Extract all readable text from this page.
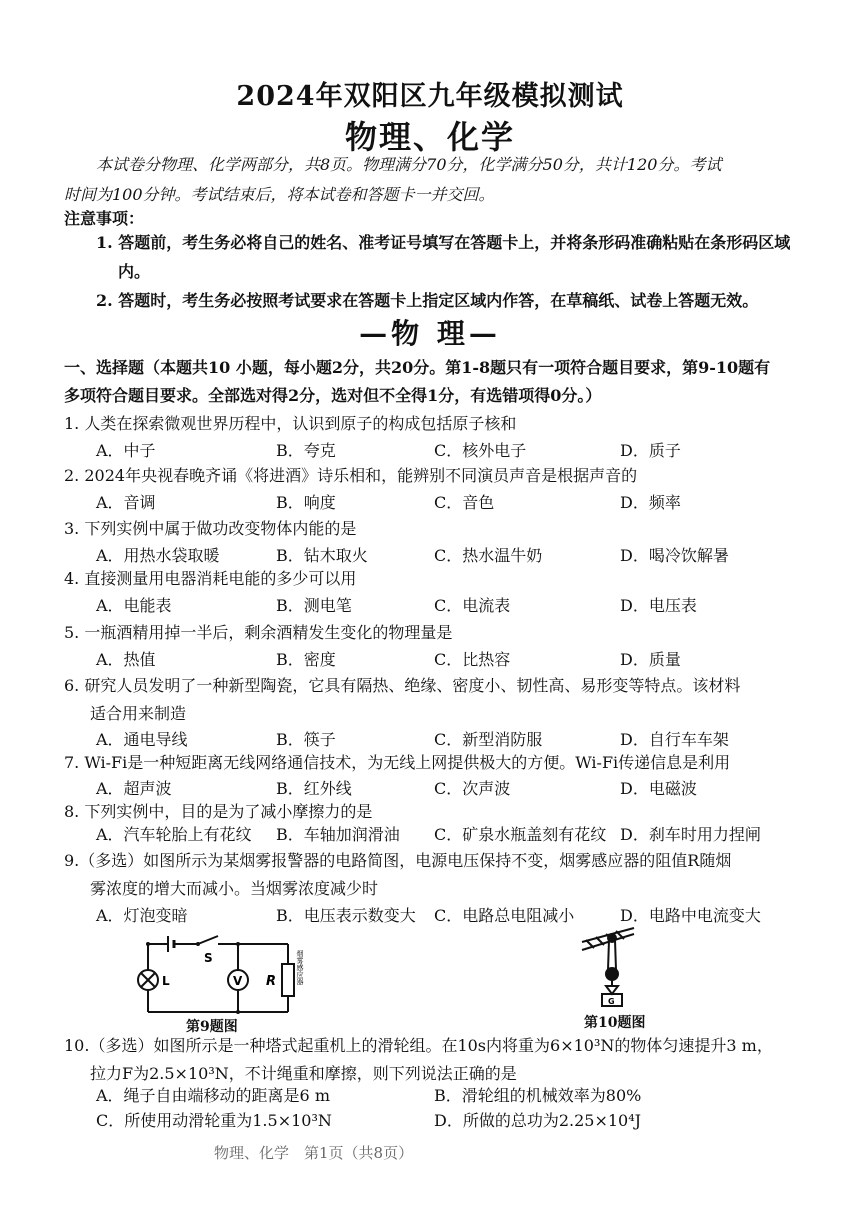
2024年双阳区九年级模拟测试
物理、化学
本试卷分物理、化学两部分，共8页。物理满分70分，化学满分50分，共计120分。考试
时间为100分钟。考试结束后，将本试卷和答题卡一并交回。
注意事项：
1. 答题前，考生务必将自己的姓名、准考证号填写在答题卡上，并将条形码准确粘贴在条形码区域内。
2. 答题时，考生务必按照考试要求在答题卡上指定区域内作答，在草稿纸、试卷上答题无效。
—物 理—
一、选择题（本题共10 小题，每小题2分，共20分。第1-8题只有一项符合题目要求，第9-10题有多项符合题目要求。全部选对得2分，选对但不全得1分，有选错项得0分。）
1. 人类在探索微观世界历程中，认识到原子的构成包括原子核和
A．中子	B．夸克	C．核外电子	D．质子
2. 2024年央视春晚齐诵《将进酒》诗乐相和，能辨别不同演员声音是根据声音的
A．音调	B．响度	C．音色	D．频率
3. 下列实例中属于做功改变物体内能的是
A．用热水袋取暖	B．钻木取火	C．热水温牛奶	D．喝冷饮解暑
4. 直接测量用电器消耗电能的多少可以用
A．电能表	B．测电笔	C．电流表	D．电压表
5. 一瓶酒精用掉一半后，剩余酒精发生变化的物理量是
A．热值	B．密度	C．比热容	D．质量
6. 研究人员发明了一种新型陶瓷，它具有隔热、绝缘、密度小、韧性高、易形变等特点。该材料
适合用来制造
A．通电导线	B．筷子	C．新型消防服	D．自行车车架
7. Wi-Fi是一种短距离无线网络通信技术，为无线上网提供极大的方便。Wi-Fi传递信息是利用
A．超声波	B．红外线	C．次声波	D．电磁波
8. 下列实例中，目的是为了减小摩擦力的是
A．汽车轮胎上有花纹 B．车轴加润滑油 C．矿泉水瓶盖刻有花纹 D．刹车时用力捏闸
9.（多选）如图所示为某烟雾报警器的电路简图，电源电压保持不变，烟雾感应器的阻值R随烟
雾浓度的增大而减小。当烟雾浓度减少时
A．灯泡变暗	B．电压表示数变大 C．电路总电阻减小	D．电路中电流变大
S
L	V R	烟雾感应器
第9题图
G
第10题图
10.（多选）如图所示是一种塔式起重机上的滑轮组。在10s内将重为6×10³N的物体匀速提升3 m，
拉力F为2.5×10³N，不计绳重和摩擦，则下列说法正确的是
A．绳子自由端移动的距离是6 m	B．滑轮组的机械效率为80%
C．所使用动滑轮重为1.5×10³N	D．所做的总功为2.25×10⁴J
物理、化学　第1页（共8页）
